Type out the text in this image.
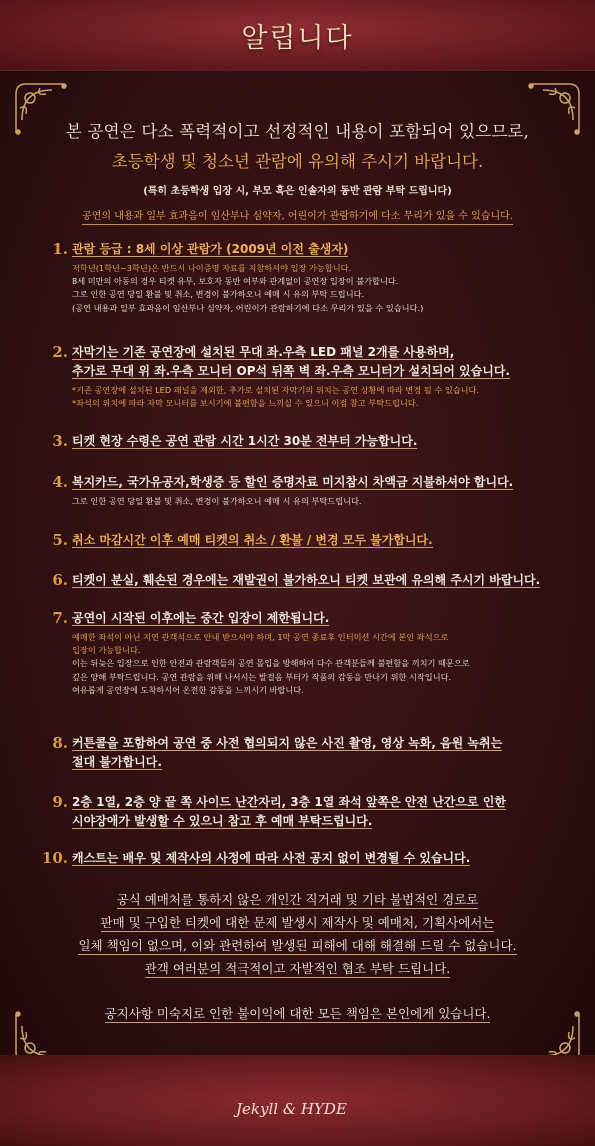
알립니다
본 공연은 다소 폭력적이고 선정적인 내용이 포함되어 있으므로,
초등학생 및 청소년 관람에 유의해 주시기 바랍니다.
(특히 초등학생 입장 시, 부모 혹은 인솔자의 동반 관람 부탁 드립니다)
공연의 내용과 일부 효과음이 임산부나 심약자, 어린이가 관람하기에 다소 무리가 있을 수 있습니다.
1. 관람 등급 : 8세 이상 관람가 (2009년 이전 출생자)
저학년(1학년~3학년)은 반드시 나이증명 자료를 지참하셔야 입장 가능합니다.
8세 미만의 아동의 경우 티켓 유무, 보호자 동반 여부와 관계없이 공연장 입장이 불가합니다.
그로 인한 공연 당일 환불 및 취소, 변경이 불가하오니 예매 시 유의 부탁 드립니다.
(공연 내용과 일부 효과음이 임산부나 심약자, 어린이가 관람하기에 다소 무리가 있을 수 있습니다.)
2. 자막기는 기존 공연장에 설치된 무대 좌.우측 LED 패널 2개를 사용하며,
추가로 무대 위 좌.우측 모니터 OP석 뒤쪽 벽 좌.우측 모니터가 설치되어 있습니다.
*기존 공연장에 설치된 LED 패널을 제외한, 추가로 설치된 자막기의 위치는 공연 상황에 따라 변경 될 수 있습니다.
*좌석의 위치에 따라 자막 모니터를 보시기에 불편함을 느끼실 수 있으니 이점 참고 부탁드립니다.
3. 티켓 현장 수령은 공연 관람 시간 1시간 30분 전부터 가능합니다.
4. 복지카드, 국가유공자,학생증 등 할인 증명자료 미지참시 차액금 지불하셔야 합니다.
그로 인한 공연 당일 환불 및 취소, 변경이 불가하오니 예매 시 유의 부탁드립니다.
5. 취소 마감시간 이후 예매 티켓의 취소 / 환불 / 변경 모두 불가합니다.
6. 티켓이 분실, 훼손된 경우에는 재발권이 불가하오니 티켓 보관에 유의해 주시기 바랍니다.
7. 공연이 시작된 이후에는 중간 입장이 제한됩니다.
예매한 좌석이 아닌 지연 관객석으로 안내 받으셔야 하며, 1막 공연 종료후 인터미션 시간에 본인 좌석으로
입장이 가능합니다.
이는 뒤늦은 입장으로 인한 안전과 관람객들의 공연 몰입을 방해하여 다수 관객분들께 불편함을 끼치기 때문으로
깊은 양해 부탁드립니다. 공연 관람을 위해 나서시는 발걸음 부터가 작품의 감동을 만나기 위한 시작입니다.
여유롭게 공연장에 도착하시어 온전한 감동을 느끼시기 바랍니다.
8. 커튼콜을 포함하여 공연 중 사전 협의되지 않은 사진 촬영, 영상 녹화, 음원 녹취는
절대 불가합니다.
9. 2층 1열, 2층 양 끝 쪽 사이드 난간자리, 3층 1열 좌석 앞쪽은 안전 난간으로 인한
시야장애가 발생할 수 있으니 참고 후 예매 부탁드립니다.
10. 캐스트는 배우 및 제작사의 사정에 따라 사전 공지 없이 변경될 수 있습니다.
공식 예매처를 통하지 않은 개인간 직거래 및 기타 불법적인 경로로
판매 및 구입한 티켓에 대한 문제 발생시 제작사 및 예매처, 기획사에서는
일체 책임이 없으며, 이와 관련하여 발생된 피해에 대해 해결해 드릴 수 없습니다.
관객 여러분의 적극적이고 자발적인 협조 부탁 드립니다.
공지사항 미숙지로 인한 불이익에 대한 모든 책임은 본인에게 있습니다.
Jekyll & HYDE
